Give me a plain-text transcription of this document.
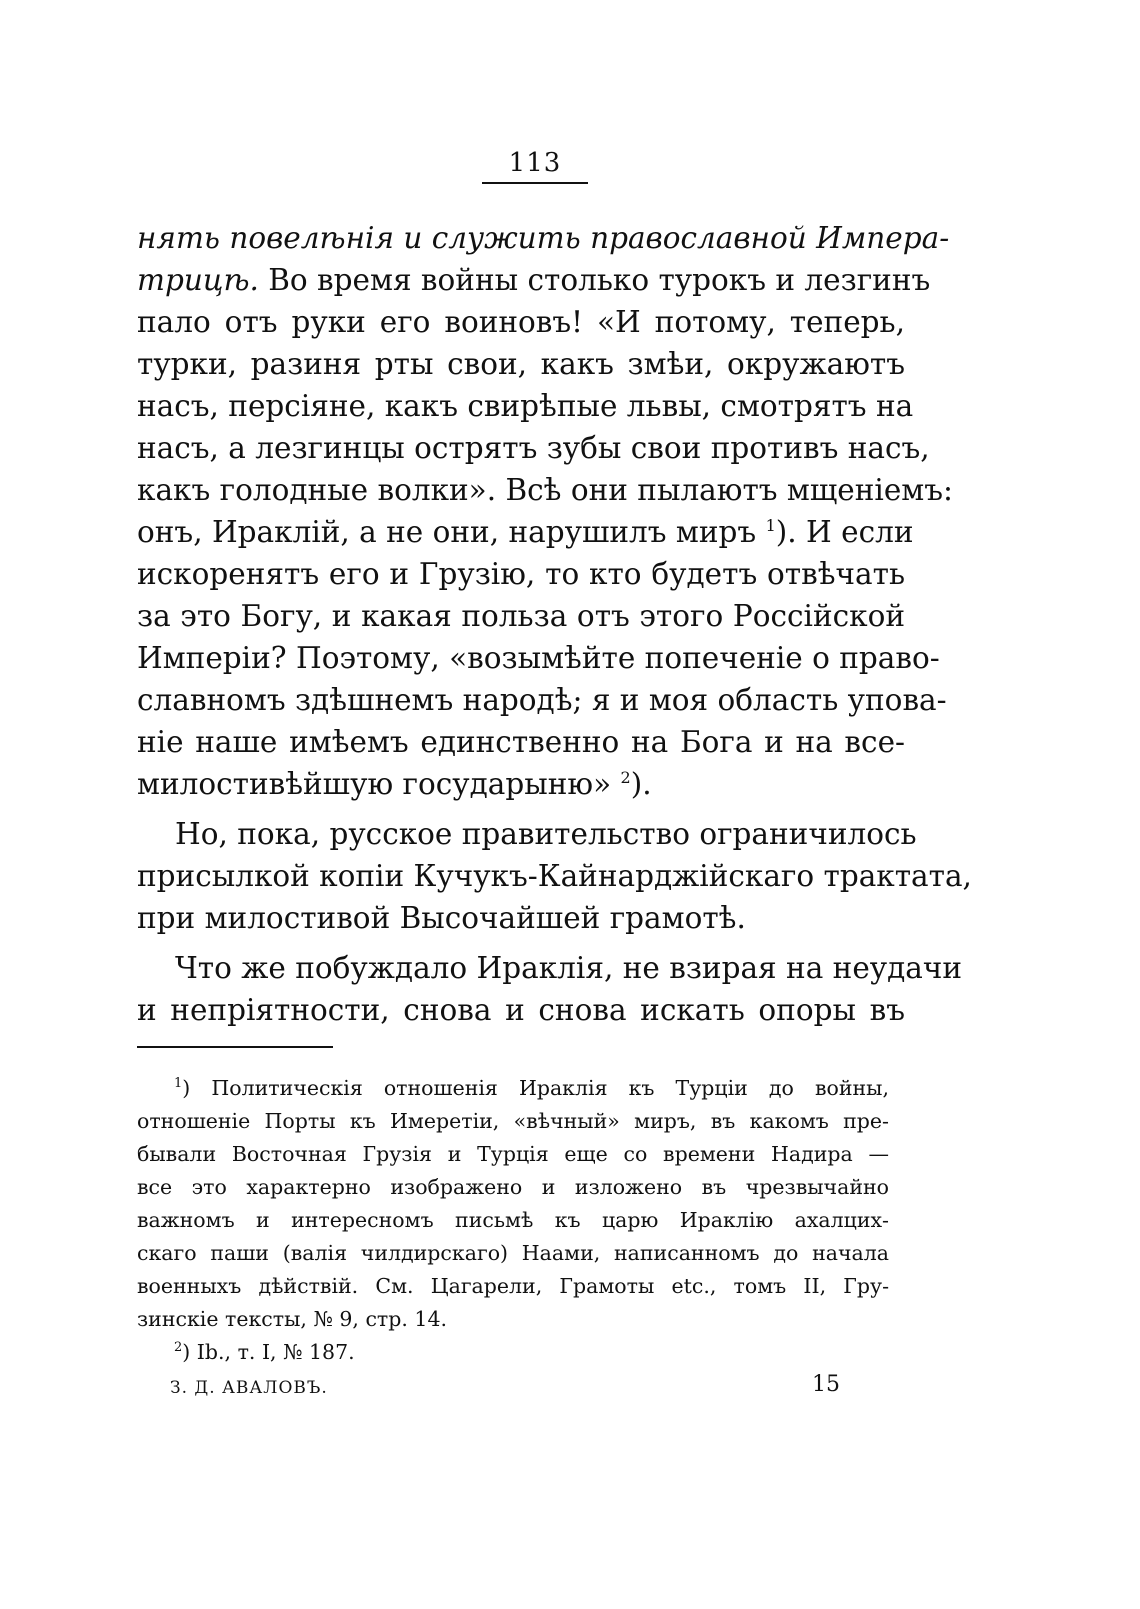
113
нять повелѣнія и служить православной Импера-
трицѣ. Во время войны столько турокъ и лезгинъ
пало отъ руки его воиновъ! «И потому, теперь,
турки, разиня рты свои, какъ змѣи, окружаютъ
насъ, персіяне, какъ свирѣпые львы, смотрятъ на
насъ, а лезгинцы острятъ зубы свои противъ насъ,
какъ голодные волки». Всѣ они пылаютъ мщеніемъ:
онъ, Ираклій, а не они, нарушилъ миръ $^1$). И если
искоренятъ его и Грузію, то кто будетъ отвѣчать
за это Богу, и какая польза отъ этого Россійской
Имперіи? Поэтому, «возымѣйте попеченіе о право-
славномъ здѣшнемъ народѣ; я и моя область упова-
ніе наше имѣемъ единственно на Бога и на все-
милостивѣйшую государыню» $^2$).
Но, пока, русское правительство ограничилось
присылкой копіи Кучукъ-Кайнарджійскаго трактата,
при милостивой Высочайшей грамотѣ.
Что же побуждало Ираклія, не взирая на неудачи
и непріятности, снова и снова искать опоры въ
$^1$) Политическія отношенія Ираклія къ Турціи до войны,
отношеніе Порты къ Имеретіи, «вѣчный» миръ, въ какомъ пре-
бывали Восточная Грузія и Турція еще со времени Надира —
все это характерно изображено и изложено въ чрезвычайно
важномъ и интересномъ письмѣ къ царю Ираклію ахалцих-
скаго паши (валія чилдирскаго) Наами, написанномъ до начала
военныхъ дѣйствій. См. Цагарели, Грамоты etc., томъ II, Гру-
зинскіе тексты, № 9, стр. 14.
$^2$) Ib., т. I, № 187.
З. Д. АВАЛОВЪ.	15
